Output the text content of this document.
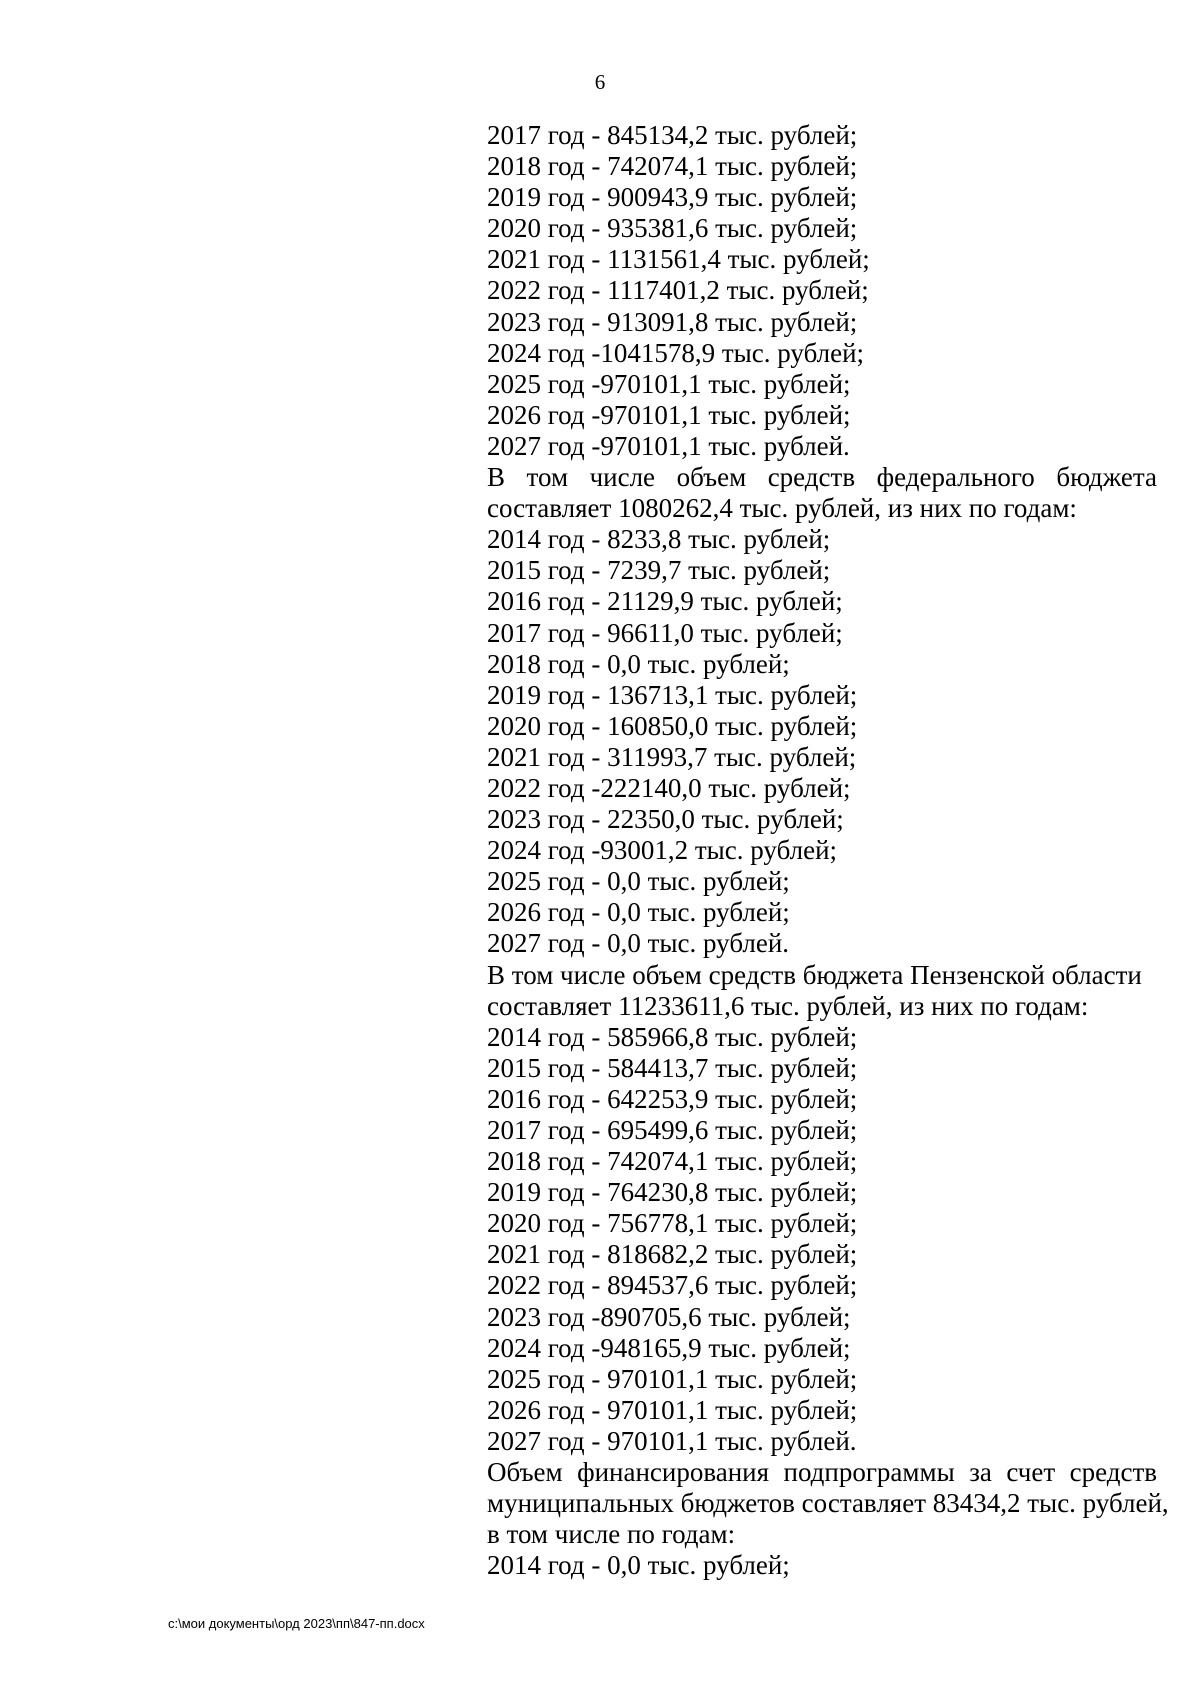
6
2017 год - 845134,2 тыс. рублей;
2018 год - 742074,1 тыс. рублей;
2019 год - 900943,9 тыс. рублей;
2020 год - 935381,6 тыс. рублей;
2021 год - 1131561,4 тыс. рублей;
2022 год - 1117401,2 тыс. рублей;
2023 год - 913091,8 тыс. рублей;
2024 год -1041578,9 тыс. рублей;
2025 год -970101,1 тыс. рублей;
2026 год -970101,1 тыс. рублей;
2027 год -970101,1 тыс. рублей.
В том числе объем средств федерального бюджета
составляет 1080262,4 тыс. рублей, из них по годам:
2014 год - 8233,8 тыс. рублей;
2015 год - 7239,7 тыс. рублей;
2016 год - 21129,9 тыс. рублей;
2017 год - 96611,0 тыс. рублей;
2018 год - 0,0 тыс. рублей;
2019 год - 136713,1 тыс. рублей;
2020 год - 160850,0 тыс. рублей;
2021 год - 311993,7 тыс. рублей;
2022 год -222140,0 тыс. рублей;
2023 год - 22350,0 тыс. рублей;
2024 год -93001,2 тыс. рублей;
2025 год - 0,0 тыс. рублей;
2026 год - 0,0 тыс. рублей;
2027 год - 0,0 тыс. рублей.
В том числе объем средств бюджета Пензенской области
составляет 11233611,6 тыс. рублей, из них по годам:
2014 год - 585966,8 тыс. рублей;
2015 год - 584413,7 тыс. рублей;
2016 год - 642253,9 тыс. рублей;
2017 год - 695499,6 тыс. рублей;
2018 год - 742074,1 тыс. рублей;
2019 год - 764230,8 тыс. рублей;
2020 год - 756778,1 тыс. рублей;
2021 год - 818682,2 тыс. рублей;
2022 год - 894537,6 тыс. рублей;
2023 год -890705,6 тыс. рублей;
2024 год -948165,9 тыс. рублей;
2025 год - 970101,1 тыс. рублей;
2026 год - 970101,1 тыс. рублей;
2027 год - 970101,1 тыс. рублей.
Объем финансирования подпрограммы за счет средств
муниципальных бюджетов составляет 83434,2 тыс. рублей,
в том числе по годам:
2014 год - 0,0 тыс. рублей;
c:\мои документы\орд 2023\пп\847-пп.docx
